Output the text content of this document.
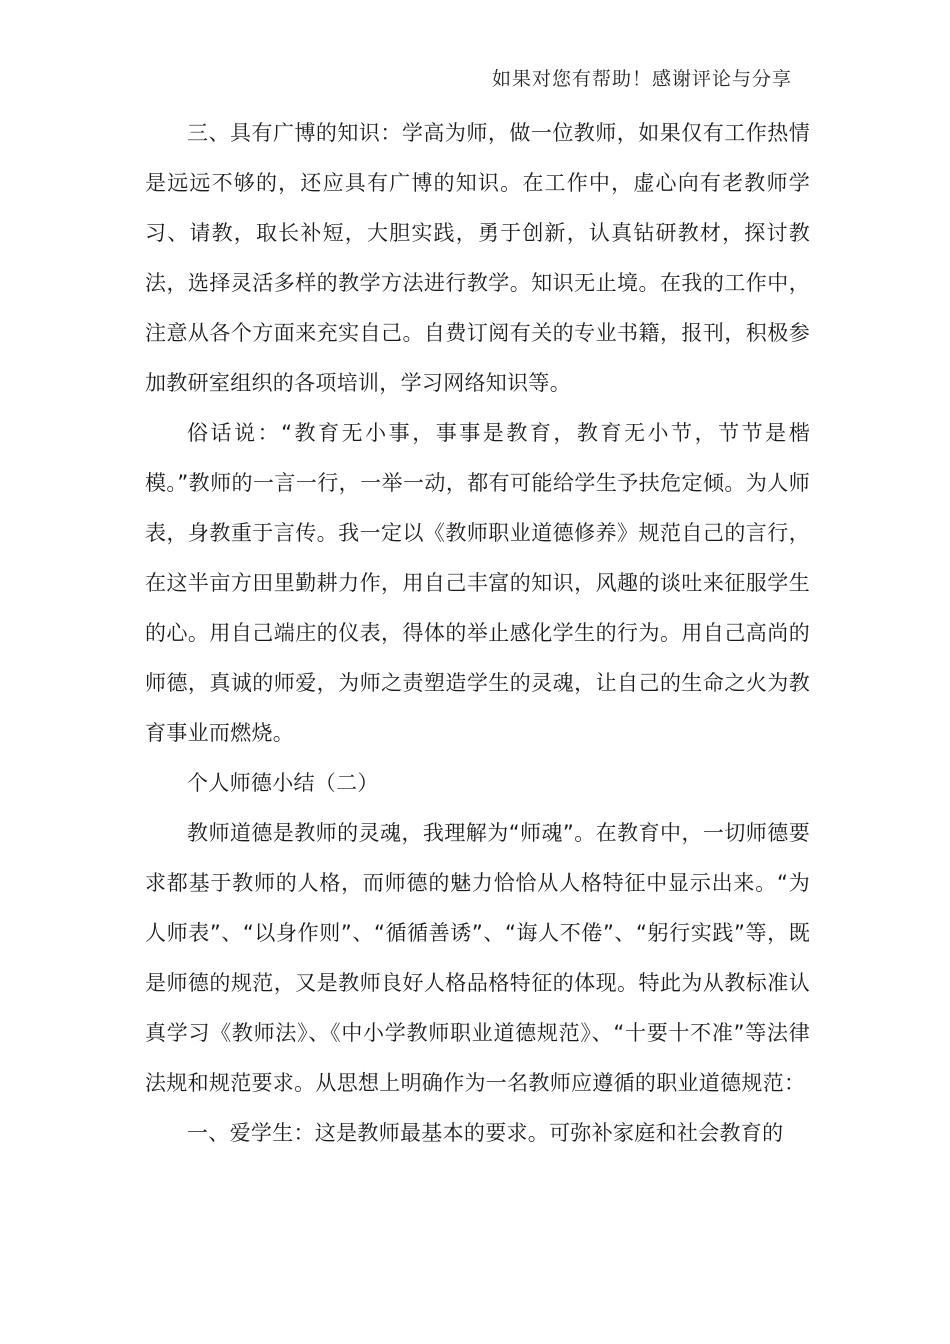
如果对您有帮助！感谢评论与分享

三、具有广博的知识：学高为师，做一位教师，如果仅有工作热情是远远不够的，还应具有广博的知识。在工作中，虚心向有老教师学习、请教，取长补短，大胆实践，勇于创新，认真钻研教材，探讨教法，选择灵活多样的教学方法进行教学。知识无止境。在我的工作中，注意从各个方面来充实自己。自费订阅有关的专业书籍，报刊，积极参加教研室组织的各项培训，学习网络知识等。

俗话说：“教育无小事，事事是教育，教育无小节，节节是楷模。”教师的一言一行，一举一动，都有可能给学生予扶危定倾。为人师表，身教重于言传。我一定以《教师职业道德修养》规范自己的言行，在这半亩方田里勤耕力作，用自己丰富的知识，风趣的谈吐来征服学生的心。用自己端庄的仪表，得体的举止感化学生的行为。用自己高尚的师德，真诚的师爱，为师之责塑造学生的灵魂，让自己的生命之火为教育事业而燃烧。

个人师德小结（二）

教师道德是教师的灵魂，我理解为“师魂”。在教育中，一切师德要求都基于教师的人格，而师德的魅力恰恰从人格特征中显示出来。“为人师表”、“以身作则”、“循循善诱”、“诲人不倦”、“躬行实践”等，既是师德的规范，又是教师良好人格品格特征的体现。特此为从教标准认真学习《教师法》、《中小学教师职业道德规范》、“十要十不准”等法律法规和规范要求。从思想上明确作为一名教师应遵循的职业道德规范：

一、爱学生：这是教师最基本的要求。可弥补家庭和社会教育的
